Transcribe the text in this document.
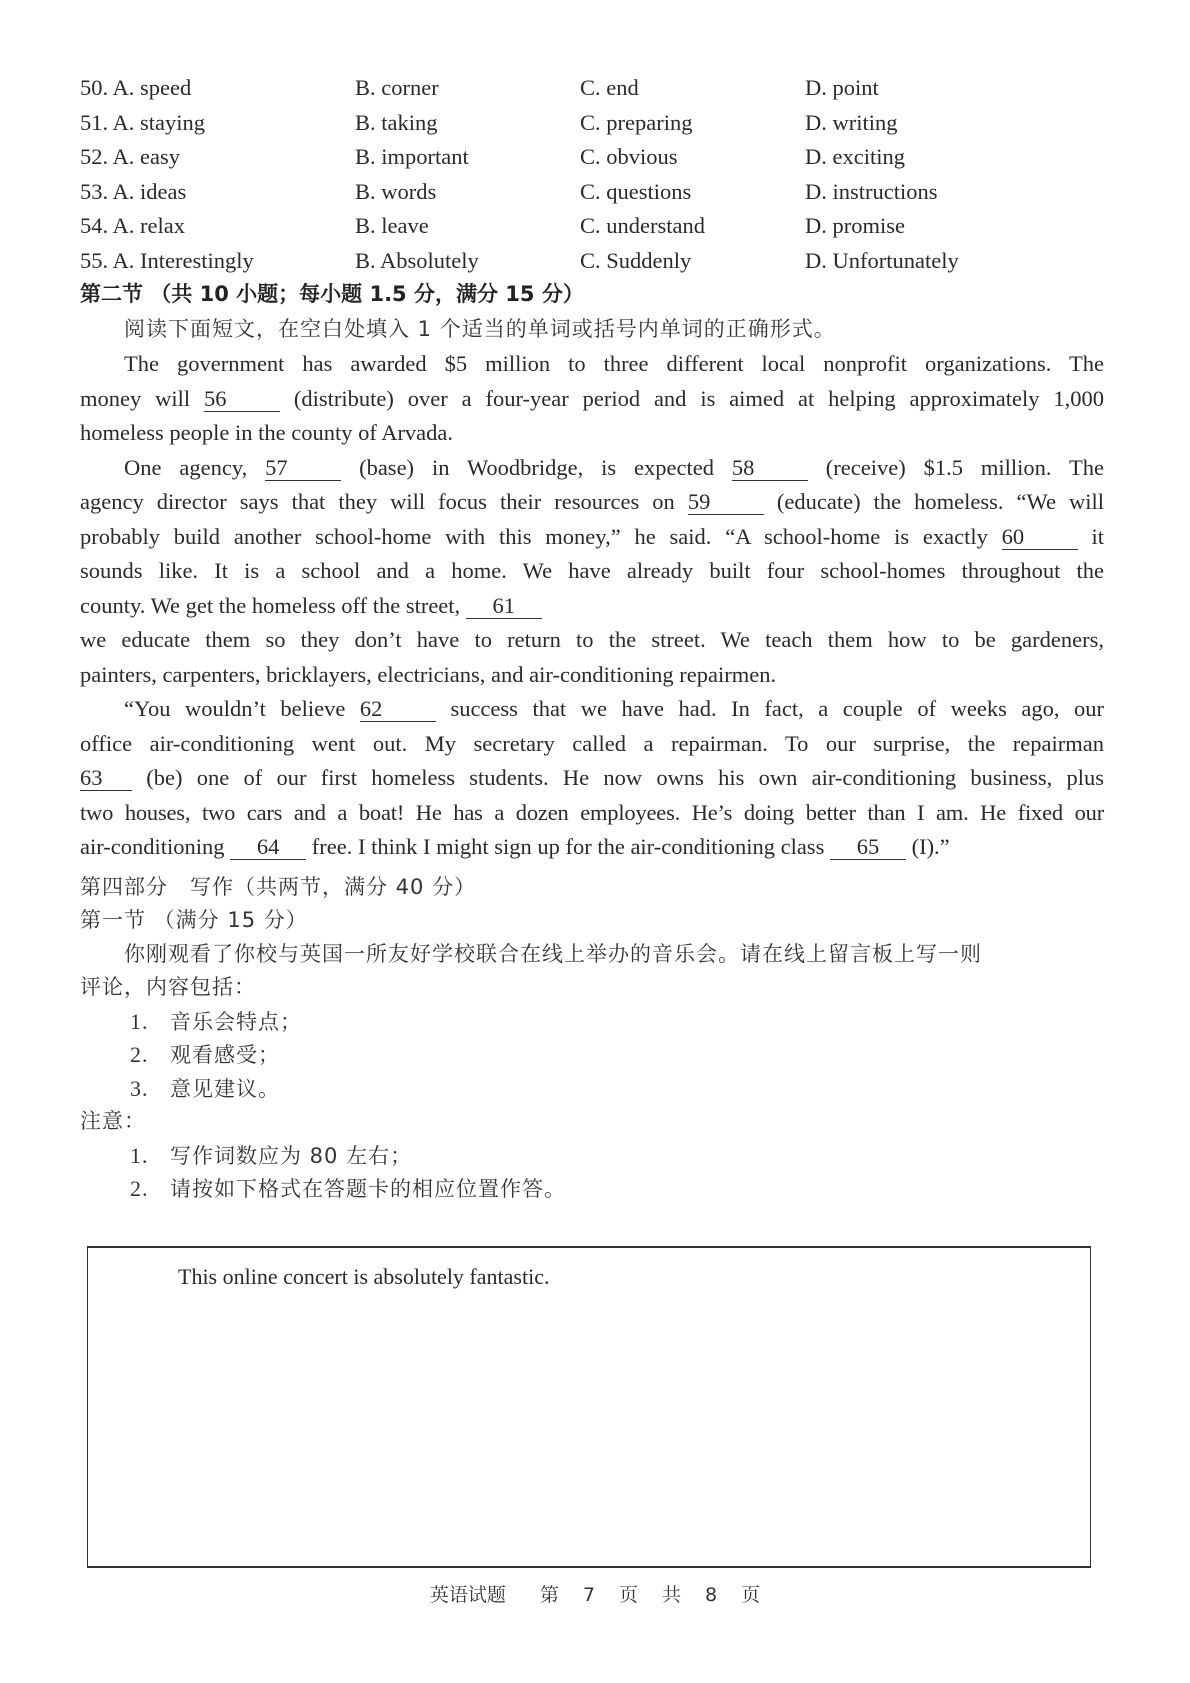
50. A. speed	B. corner	C. end	D. point
51. A. staying	B. taking	C. preparing	D. writing
52. A. easy	B. important	C. obvious	D. exciting
53. A. ideas	B. words	C. questions	D. instructions
54. A. relax	B. leave	C. understand	D. promise
55. A. Interestingly	B. Absolutely	C. Suddenly	D. Unfortunately
第二节 （共 10 小题；每小题 1.5 分，满分 15 分）
阅读下面短文，在空白处填入 1 个适当的单词或括号内单词的正确形式。
The government has awarded $5 million to three different local nonprofit organizations. The
money will 56	(distribute) over a four-year period and is aimed at helping approximately 1,000
homeless people in the county of Arvada.
One agency, 57	(base) in Woodbridge, is expected 58	(receive) $1.5 million. The
agency director says that they will focus their resources on 59	(educate) the homeless. “We will
probably build another school-home with this money,” he said. “A school-home is exactly 60	it
sounds like. It is a school and a home. We have already built four school-homes throughout the
county. We get the homeless off the street, 61
we educate them so they don’t have to return to the street. We teach them how to be gardeners,
painters, carpenters, bricklayers, electricians, and air-conditioning repairmen.
“You wouldn’t believe 62	success that we have had. In fact, a couple of weeks ago, our
office air-conditioning went out. My secretary called a repairman. To our surprise, the repairman
63 (be) one of our first homeless students. He now owns his own air-conditioning business, plus
two houses, two cars and a boat! He has a dozen employees. He’s doing better than I am. He fixed our
air-conditioning 64 free. I think I might sign up for the air-conditioning class 65 (I).”
第四部分　写作（共两节，满分 40 分）
第一节 （满分 15 分）
你刚观看了你校与英国一所友好学校联合在线上举办的音乐会。请在线上留言板上写一则
评论，内容包括：
1. 音乐会特点；
2. 观看感受；
3. 意见建议。
注意：
1. 写作词数应为 80 左右；
2. 请按如下格式在答题卡的相应位置作答。
This online concert is absolutely fantastic.
英语试题 第 7 页 共 8 页
